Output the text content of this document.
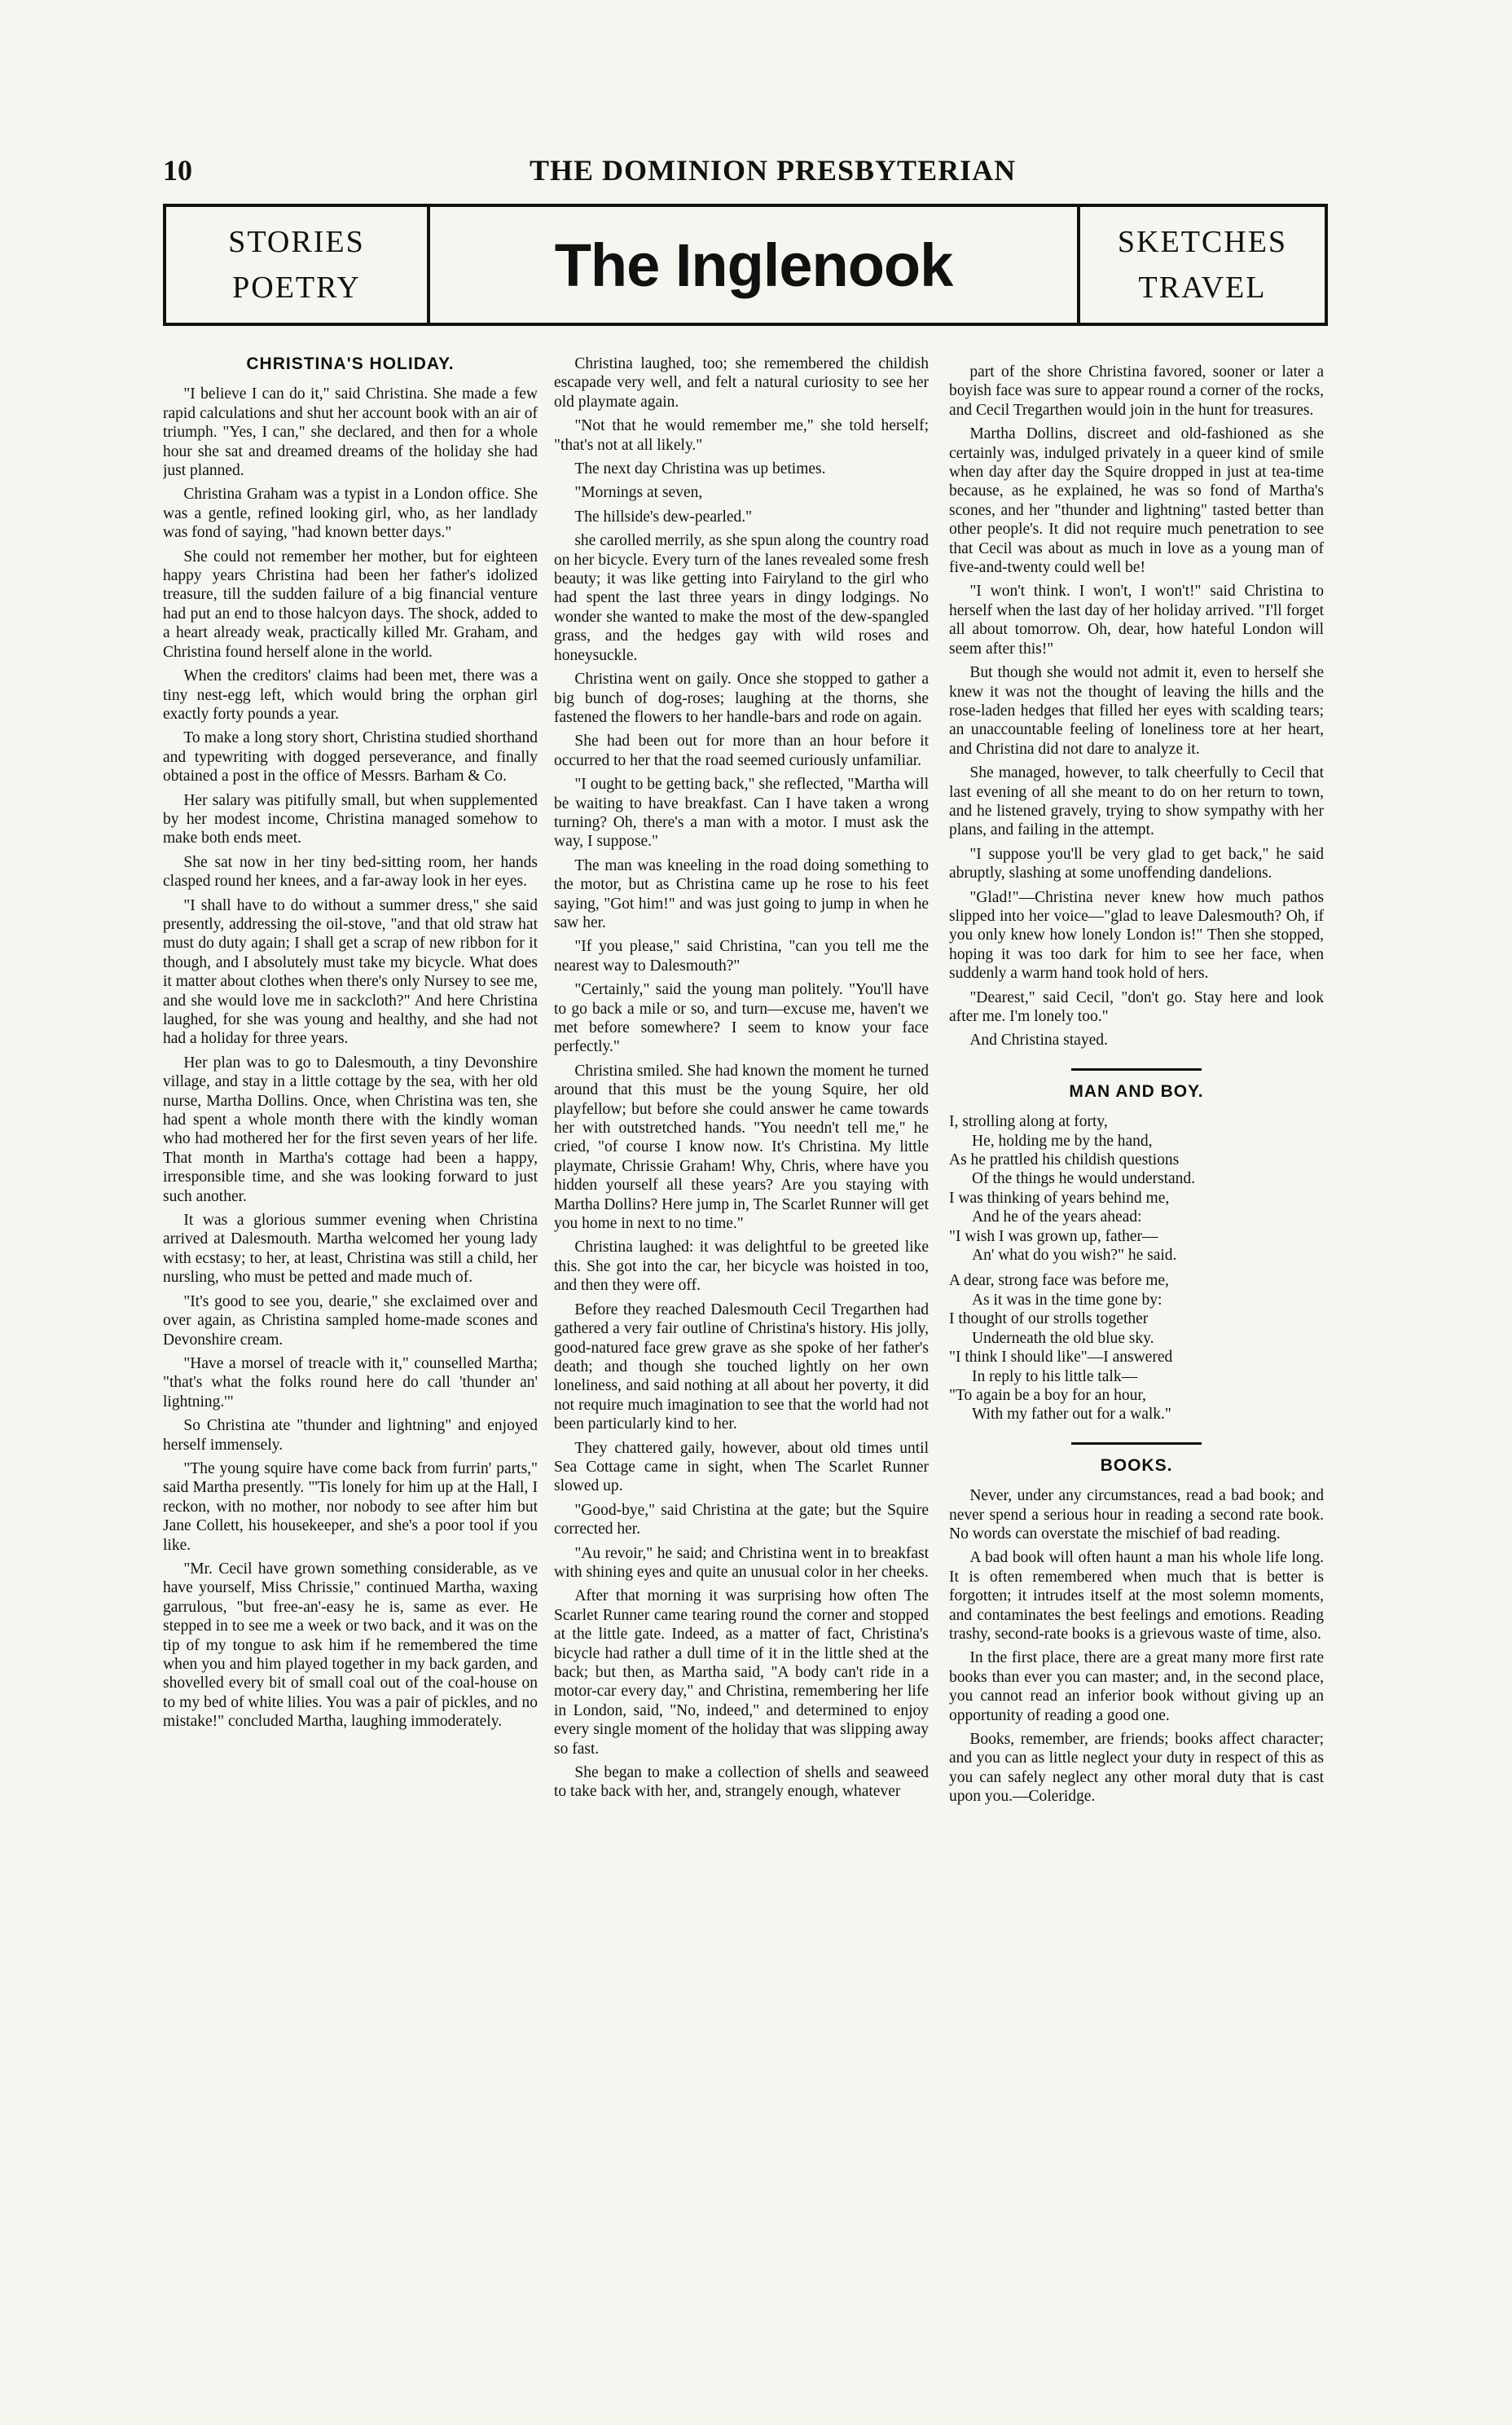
10	THE DOMINION PRESBYTERIAN
STORIES
POETRY	The Inglenook	SKETCHES
TRAVEL
CHRISTINA'S HOLIDAY.

"I believe I can do it," said Christina. She made a few rapid calculations and shut her account book with an air of triumph. "Yes, I can," she declared, and then for a whole hour she sat and dreamed dreams of the holiday she had just planned.

Christina Graham was a typist in a London office. She was a gentle, refined looking girl, who, as her landlady was fond of saying, "had known better days."

She could not remember her mother, but for eighteen happy years Christina had been her father's idolized treasure, till the sudden failure of a big financial venture had put an end to those halcyon days. The shock, added to a heart already weak, practically killed Mr. Graham, and Christina found herself alone in the world.

When the creditors' claims had been met, there was a tiny nest-egg left, which would bring the orphan girl exactly forty pounds a year.

To make a long story short, Christina studied shorthand and typewriting with dogged perseverance, and finally obtained a post in the office of Messrs. Barham & Co.

Her salary was pitifully small, but when supplemented by her modest income, Christina managed somehow to make both ends meet.

She sat now in her tiny bed-sitting room, her hands clasped round her knees, and a far-away look in her eyes.

"I shall have to do without a summer dress," she said presently, addressing the oil-stove, "and that old straw hat must do duty again; I shall get a scrap of new ribbon for it though, and I absolutely must take my bicycle. What does it matter about clothes when there's only Nursey to see me, and she would love me in sackcloth?" And here Christina laughed, for she was young and healthy, and she had not had a holiday for three years.

Her plan was to go to Dalesmouth, a tiny Devonshire village, and stay in a little cottage by the sea, with her old nurse, Martha Dollins. Once, when Christina was ten, she had spent a whole month there with the kindly woman who had mothered her for the first seven years of her life. That month in Martha's cottage had been a happy, irresponsible time, and she was looking forward to just such another.

It was a glorious summer evening when Christina arrived at Dalesmouth. Martha welcomed her young lady with ecstasy; to her, at least, Christina was still a child, her nursling, who must be petted and made much of.

"It's good to see you, dearie," she exclaimed over and over again, as Christina sampled home-made scones and Devonshire cream.

"Have a morsel of treacle with it," counselled Martha; "that's what the folks round here do call 'thunder an' lightning.'"

So Christina ate "thunder and lightning" and enjoyed herself immensely.

"The young squire have come back from furrin' parts," said Martha presently. "'Tis lonely for him up at the Hall, I reckon, with no mother, nor nobody to see after him but Jane Collett, his housekeeper, and she's a poor tool if you like.

"Mr. Cecil have grown something considerable, as ve have yourself, Miss Chrissie," continued Martha, waxing garrulous, "but free-an'-easy he is, same as ever. He stepped in to see me a week or two back, and it was on the tip of my tongue to ask him if he remembered the time when you and him played together in my back garden, and shovelled every bit of small coal out of the coal-house on to my bed of white lilies. You was a pair of pickles, and no mistake!" concluded Martha, laughing immoderately.

Christina laughed, too; she remembered the childish escapade very well, and felt a natural curiosity to see her old playmate again.

"Not that he would remember me," she told herself; "that's not at all likely."

The next day Christina was up betimes.

"Mornings at seven,

The hillside's dew-pearled."

she carolled merrily, as she spun along the country road on her bicycle. Every turn of the lanes revealed some fresh beauty; it was like getting into Fairyland to the girl who had spent the last three years in dingy lodgings. No wonder she wanted to make the most of the dew-spangled grass, and the hedges gay with wild roses and honeysuckle.

Christina went on gaily. Once she stopped to gather a big bunch of dog-roses; laughing at the thorns, she fastened the flowers to her handle-bars and rode on again.

She had been out for more than an hour before it occurred to her that the road seemed curiously unfamiliar.

"I ought to be getting back," she reflected, "Martha will be waiting to have breakfast. Can I have taken a wrong turning? Oh, there's a man with a motor. I must ask the way, I suppose."

The man was kneeling in the road doing something to the motor, but as Christina came up he rose to his feet saying, "Got him!" and was just going to jump in when he saw her.

"If you please," said Christina, "can you tell me the nearest way to Dalesmouth?"

"Certainly," said the young man politely. "You'll have to go back a mile or so, and turn—excuse me, haven't we met before somewhere? I seem to know your face perfectly."

Christina smiled. She had known the moment he turned around that this must be the young Squire, her old playfellow; but before she could answer he came towards her with outstretched hands. "You needn't tell me," he cried, "of course I know now. It's Christina. My little playmate, Chrissie Graham! Why, Chris, where have you hidden yourself all these years? Are you staying with Martha Dollins? Here jump in, The Scarlet Runner will get you home in next to no time."

Christina laughed: it was delightful to be greeted like this. She got into the car, her bicycle was hoisted in too, and then they were off.

Before they reached Dalesmouth Cecil Tregarthen had gathered a very fair outline of Christina's history. His jolly, good-natured face grew grave as she spoke of her father's death; and though she touched lightly on her own loneliness, and said nothing at all about her poverty, it did not require much imagination to see that the world had not been particularly kind to her.

They chattered gaily, however, about old times until Sea Cottage came in sight, when The Scarlet Runner slowed up.

"Good-bye," said Christina at the gate; but the Squire corrected her.

"Au revoir," he said; and Christina went in to breakfast with shining eyes and quite an unusual color in her cheeks.

After that morning it was surprising how often The Scarlet Runner came tearing round the corner and stopped at the little gate. Indeed, as a matter of fact, Christina's bicycle had rather a dull time of it in the little shed at the back; but then, as Martha said, "A body can't ride in a motor-car every day," and Christina, remembering her life in London, said, "No, indeed," and determined to enjoy every single moment of the holiday that was slipping away so fast.

She began to make a collection of shells and seaweed to take back with her, and, strangely enough, whatever

part of the shore Christina favored, sooner or later a boyish face was sure to appear round a corner of the rocks, and Cecil Tregarthen would join in the hunt for treasures.

Martha Dollins, discreet and old-fashioned as she certainly was, indulged privately in a queer kind of smile when day after day the Squire dropped in just at tea-time because, as he explained, he was so fond of Martha's scones, and her "thunder and lightning" tasted better than other people's. It did not require much penetration to see that Cecil was about as much in love as a young man of five-and-twenty could well be!

"I won't think. I won't, I won't!" said Christina to herself when the last day of her holiday arrived. "I'll forget all about tomorrow. Oh, dear, how hateful London will seem after this!"

But though she would not admit it, even to herself she knew it was not the thought of leaving the hills and the rose-laden hedges that filled her eyes with scalding tears; an unaccountable feeling of loneliness tore at her heart, and Christina did not dare to analyze it.

She managed, however, to talk cheerfully to Cecil that last evening of all she meant to do on her return to town, and he listened gravely, trying to show sympathy with her plans, and failing in the attempt.

"I suppose you'll be very glad to get back," he said abruptly, slashing at some unoffending dandelions.

"Glad!"—Christina never knew how much pathos slipped into her voice—"glad to leave Dalesmouth? Oh, if you only knew how lonely London is!" Then she stopped, hoping it was too dark for him to see her face, when suddenly a warm hand took hold of hers.

"Dearest," said Cecil, "don't go. Stay here and look after me. I'm lonely too."

And Christina stayed.

MAN AND BOY.
I, strolling along at forty,
He, holding me by the hand,
As he prattled his childish questions
Of the things he would understand.
I was thinking of years behind me,
And he of the years ahead:
"I wish I was grown up, father—
An' what do you wish?" he said.
A dear, strong face was before me,
As it was in the time gone by:
I thought of our strolls together
Underneath the old blue sky.
"I think I should like"—I answered
In reply to his little talk—
"To again be a boy for an hour,
With my father out for a walk."
BOOKS.

Never, under any circumstances, read a bad book; and never spend a serious hour in reading a second rate book. No words can overstate the mischief of bad reading.

A bad book will often haunt a man his whole life long. It is often remembered when much that is better is forgotten; it intrudes itself at the most solemn moments, and contaminates the best feelings and emotions. Reading trashy, second-rate books is a grievous waste of time, also.

In the first place, there are a great many more first rate books than ever you can master; and, in the second place, you cannot read an inferior book without giving up an opportunity of reading a good one.

Books, remember, are friends; books affect character; and you can as little neglect your duty in respect of this as you can safely neglect any other moral duty that is cast upon you.—Coleridge.
